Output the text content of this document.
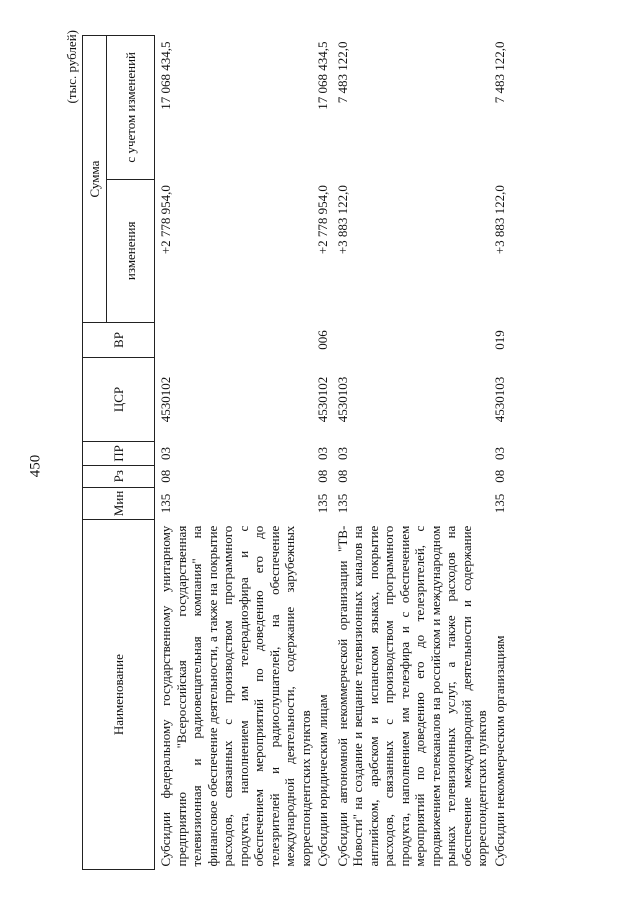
450
(тыс. рублей)
Наименование	Мин	Рз	ПР	ЦСР	ВР	Сумма	
						изменения	с учетом изменений
Субсидии федеральному государственному унитарному предприятию "Всероссийская государственная телевизионная и радиовещательная компания" на финансовое обеспечение деятельности, а также на покрытие расходов, связанных с производством программного продукта, наполнением им телерадиоэфира и с обеспечением мероприятий по доведению его до телезрителей и радиослушателей, на обеспечение международной деятельности, содержание зарубежных корреспондентских пунктов	135	08	03	4530102		+2 778 954,0	17 068 434,5
Субсидии юридическим лицам	135	08	03	4530102	006	+2 778 954,0	17 068 434,5
Субсидии автономной некоммерческой организации "ТВ-Новости" на создание и вещание телевизионных каналов на английском, арабском и испанском языках, покрытие расходов, связанных с производством программного продукта, наполнением им телеэфира и с обеспечением мероприятий по доведению его до телезрителей, с продвижением телеканалов на российском и международном рынках телевизионных услуг, а также расходов на обеспечение международной деятельности и содержание корреспондентских пунктов	135	08	03	4530103		+3 883 122,0	7 483 122,0
Субсидии некоммерческим организациям	135	08	03	4530103	019	+3 883 122,0	7 483 122,0
